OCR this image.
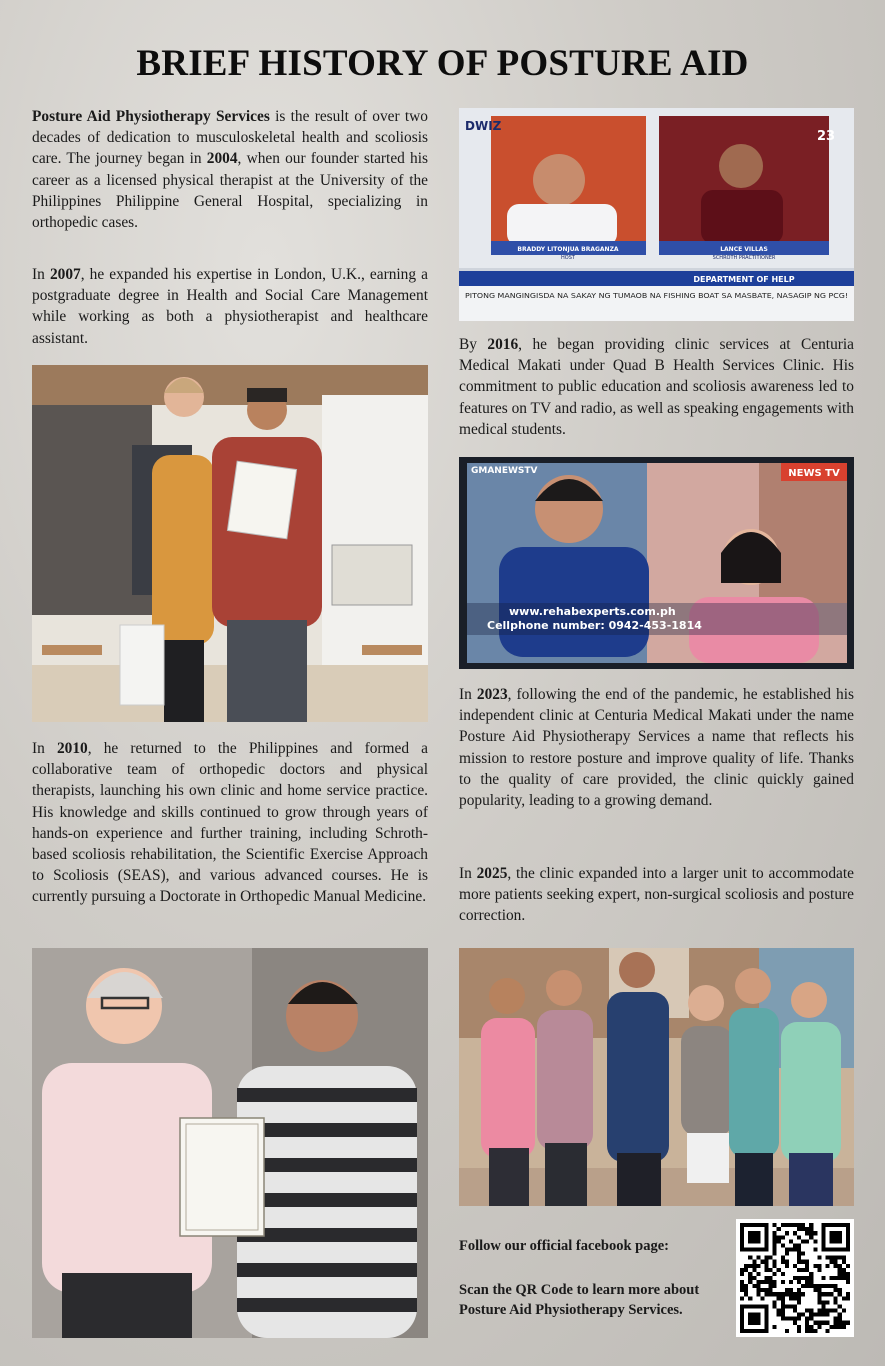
BRIEF HISTORY OF POSTURE AID

Posture Aid Physiotherapy Services is the result of over two decades of dedication to musculoskeletal health and scoliosis care. The journey began in 2004, when our founder started his career as a licensed physical therapist at the University of the Philippines Philippine General Hospital, specializing in orthopedic cases.

In 2007, he expanded his expertise in London, U.K., earning a postgraduate degree in Health and Social Care Management while working as both a physiotherapist and healthcare assistant.

In 2010, he returned to the Philippines and formed a collaborative team of orthopedic doctors and physical therapists, launching his own clinic and home service practice. His knowledge and skills continued to grow through years of hands-on experience and further training, including Schroth-based scoliosis rehabilitation, the Scientific Exercise Approach to Scoliosis (SEAS), and various advanced courses. He is currently pursuing a Doctorate in Orthopedic Manual Medicine.

DWIZ
23
BRADDY LITONJUA BRAGANZA
HOST
LANCE VILLAS
SCHROTH PRACTITIONER
DEPARTMENT OF HELP
PITONG MANGINGISDA NA SAKAY NG TUMAOB NA FISHING BOAT SA MASBATE, NASAGIP NG PCG!

By 2016, he began providing clinic services at Centuria Medical Makati under Quad B Health Services Clinic. His commitment to public education and scoliosis awareness led to features on TV and radio, as well as speaking engagements with medical students.

GMANEWSTV	NEWS TV
www.rehabexperts.com.ph
Cellphone number: 0942-453-1814

In 2023, following the end of the pandemic, he established his independent clinic at Centuria Medical Makati under the name Posture Aid Physiotherapy Services a name that reflects his mission to restore posture and improve quality of life. Thanks to the quality of care provided, the clinic quickly gained popularity, leading to a growing demand.

In 2025, the clinic expanded into a larger unit to accommodate more patients seeking expert, non-surgical scoliosis and posture correction.

Follow our official facebook page:

Scan the QR Code to learn more about Posture Aid Physiotherapy Services.
